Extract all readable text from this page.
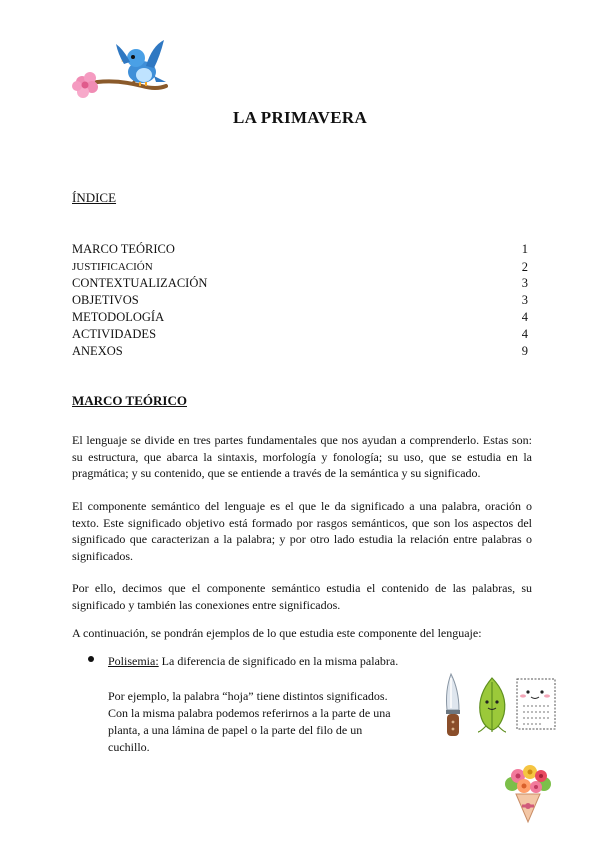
LA PRIMAVERA
ÍNDICE
MARCO TEÓRICO	1
JUSTIFICACIÓN	2
CONTEXTUALIZACIÓN	3
OBJETIVOS	3
METODOLOGÍA	4
ACTIVIDADES	4
ANEXOS	9
MARCO TEÓRICO

El lenguaje se divide en tres partes fundamentales que nos ayudan a comprenderlo. Estas son: su estructura, que abarca la sintaxis, morfología y fonología; su uso, que se estudia en la pragmática; y su contenido, que se entiende a través de la semántica y su significado.

El componente semántico del lenguaje es el que le da significado a una palabra, oración o texto. Este significado objetivo está formado por rasgos semánticos, que son los aspectos del significado que caracterizan a la palabra; y por otro lado estudia la relación entre palabras o significados.

Por ello, decimos que el componente semántico estudia el contenido de las palabras, su significado y también las conexiones entre significados.

A continuación, se pondrán ejemplos de lo que estudia este componente del lenguaje:

Polisemia: La diferencia de significado en la misma palabra.

Por ejemplo, la palabra “hoja” tiene distintos significados. Con la misma palabra podemos referirnos a la parte de una planta, a una lámina de papel o la parte del filo de un cuchillo.
